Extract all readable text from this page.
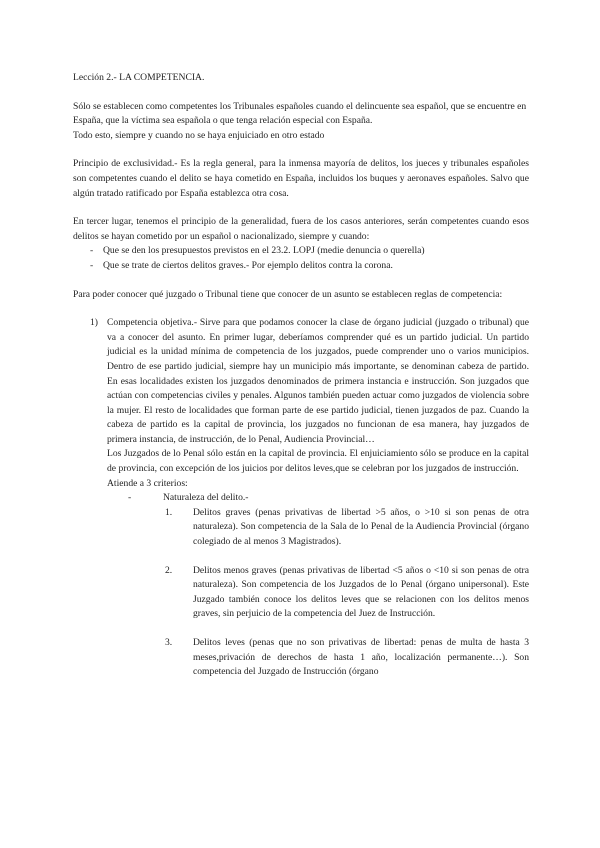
Lección 2.- LA COMPETENCIA.

Sólo se establecen como competentes los Tribunales españoles cuando el delincuente sea español, que se encuentre en España, que la víctima sea española o que tenga relación especial con España.

Todo esto, siempre y cuando no se haya enjuiciado en otro estado

Principio de exclusividad.- Es la regla general, para la inmensa mayoría de delitos, los jueces y tribunales españoles son competentes cuando el delito se haya cometido en España, incluidos los buques y aeronaves españoles. Salvo que algún tratado ratificado por España establezca otra cosa.

En tercer lugar, tenemos el principio de la generalidad, fuera de los casos anteriores, serán competentes cuando esos delitos se hayan cometido por un español o nacionalizado, siempre y cuando:

- Que se den los presupuestos previstos en el 23.2. LOPJ (medie denuncia o querella)
- Que se trate de ciertos delitos graves.- Por ejemplo delitos contra la corona.

Para poder conocer qué juzgado o Tribunal tiene que conocer de un asunto se establecen reglas de competencia:

1) Competencia objetiva.- Sirve para que podamos conocer la clase de órgano judicial (juzgado o tribunal) que va a conocer del asunto. En primer lugar, deberíamos comprender qué es un partido judicial. Un partido judicial es la unidad mínima de competencia de los juzgados, puede comprender uno o varios municipios. Dentro de ese partido judicial, siempre hay un municipio más importante, se denominan cabeza de partido. En esas localidades existen los juzgados denominados de primera instancia e instrucción. Son juzgados que actúan con competencias civiles y penales. Algunos también pueden actuar como juzgados de violencia sobre la mujer. El resto de localidades que forman parte de ese partido judicial, tienen juzgados de paz. Cuando la cabeza de partido es la capital de provincia, los juzgados no funcionan de esa manera, hay juzgados de primera instancia, de instrucción, de lo Penal, Audiencia Provincial…

Los Juzgados de lo Penal sólo están en la capital de provincia. El enjuiciamiento sólo se produce en la capital de provincia, con excepción de los juicios por delitos leves,que se celebran por los juzgados de instrucción.

Atiende a 3 criterios:

-	Naturaleza del delito.-
1. Delitos graves (penas privativas de libertad >5 años, o >10 si son penas de otra naturaleza). Son competencia de la Sala de lo Penal de la Audiencia Provincial (órgano colegiado de al menos 3 Magistrados).

2. Delitos menos graves (penas privativas de libertad <5 años o <10 si son penas de otra naturaleza). Son competencia de los Juzgados de lo Penal (órgano unipersonal). Este Juzgado también conoce los delitos leves que se relacionen con los delitos menos graves, sin perjuicio de la competencia del Juez de Instrucción.

3. Delitos leves (penas que no son privativas de libertad: penas de multa de hasta 3 meses,privación de derechos de hasta 1 año, localización permanente…). Son competencia del Juzgado de Instrucción (órgano
